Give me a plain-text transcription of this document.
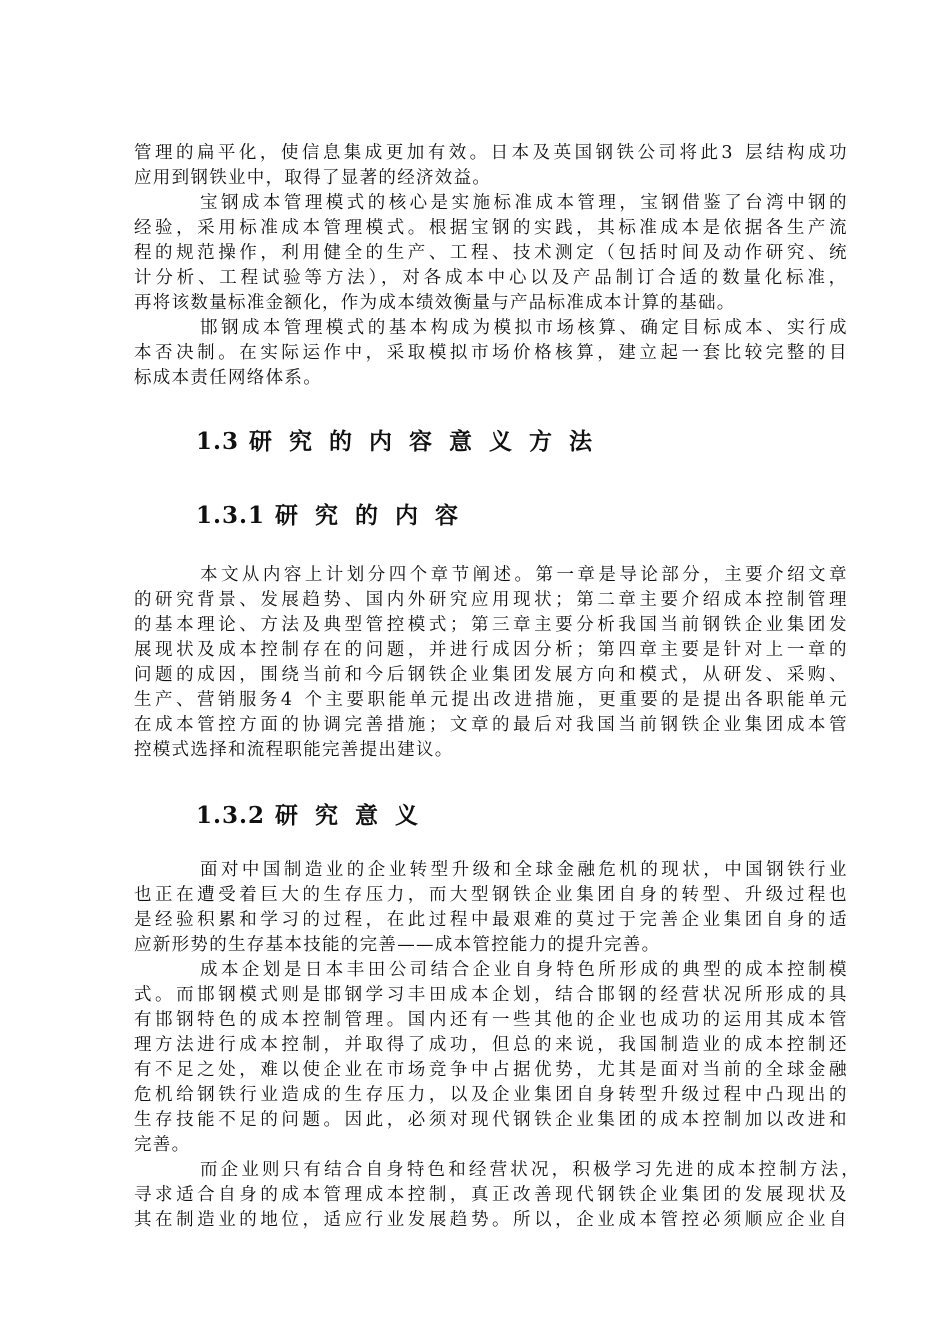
管理的扁平化，使信息集成更加有效。日本及英国钢铁公司将此3 层结构成功
应用到钢铁业中，取得了显著的经济效益。
宝钢成本管理模式的核心是实施标准成本管理，宝钢借鉴了台湾中钢的
经验，采用标准成本管理模式。根据宝钢的实践，其标准成本是依据各生产流
程的规范操作，利用健全的生产、工程、技术测定（包括时间及动作研究、统
计分析、工程试验等方法），对各成本中心以及产品制订合适的数量化标准，
再将该数量标准金额化，作为成本绩效衡量与产品标准成本计算的基础。
邯钢成本管理模式的基本构成为模拟市场核算、确定目标成本、实行成
本否决制。在实际运作中，采取模拟市场价格核算，建立起一套比较完整的目
标成本责任网络体系。
1.3 研究的内容意义方法
1.3.1 研究的内容
本文从内容上计划分四个章节阐述。第一章是导论部分，主要介绍文章
的研究背景、发展趋势、国内外研究应用现状；第二章主要介绍成本控制管理
的基本理论、方法及典型管控模式；第三章主要分析我国当前钢铁企业集团发
展现状及成本控制存在的问题，并进行成因分析；第四章主要是针对上一章的
问题的成因，围绕当前和今后钢铁企业集团发展方向和模式，从研发、采购、
生产、营销服务4 个主要职能单元提出改进措施，更重要的是提出各职能单元
在成本管控方面的协调完善措施；文章的最后对我国当前钢铁企业集团成本管
控模式选择和流程职能完善提出建议。
1.3.2 研究意义
面对中国制造业的企业转型升级和全球金融危机的现状，中国钢铁行业
也正在遭受着巨大的生存压力，而大型钢铁企业集团自身的转型、升级过程也
是经验积累和学习的过程，在此过程中最艰难的莫过于完善企业集团自身的适
应新形势的生存基本技能的完善——成本管控能力的提升完善。
成本企划是日本丰田公司结合企业自身特色所形成的典型的成本控制模
式。而邯钢模式则是邯钢学习丰田成本企划，结合邯钢的经营状况所形成的具
有邯钢特色的成本控制管理。国内还有一些其他的企业也成功的运用其成本管
理方法进行成本控制，并取得了成功，但总的来说，我国制造业的成本控制还
有不足之处，难以使企业在市场竞争中占据优势，尤其是面对当前的全球金融
危机给钢铁行业造成的生存压力，以及企业集团自身转型升级过程中凸现出的
生存技能不足的问题。因此，必须对现代钢铁企业集团的成本控制加以改进和
完善。
而企业则只有结合自身特色和经营状况，积极学习先进的成本控制方法，
寻求适合自身的成本管理成本控制，真正改善现代钢铁企业集团的发展现状及
其在制造业的地位，适应行业发展趋势。所以，企业成本管控必须顺应企业自
